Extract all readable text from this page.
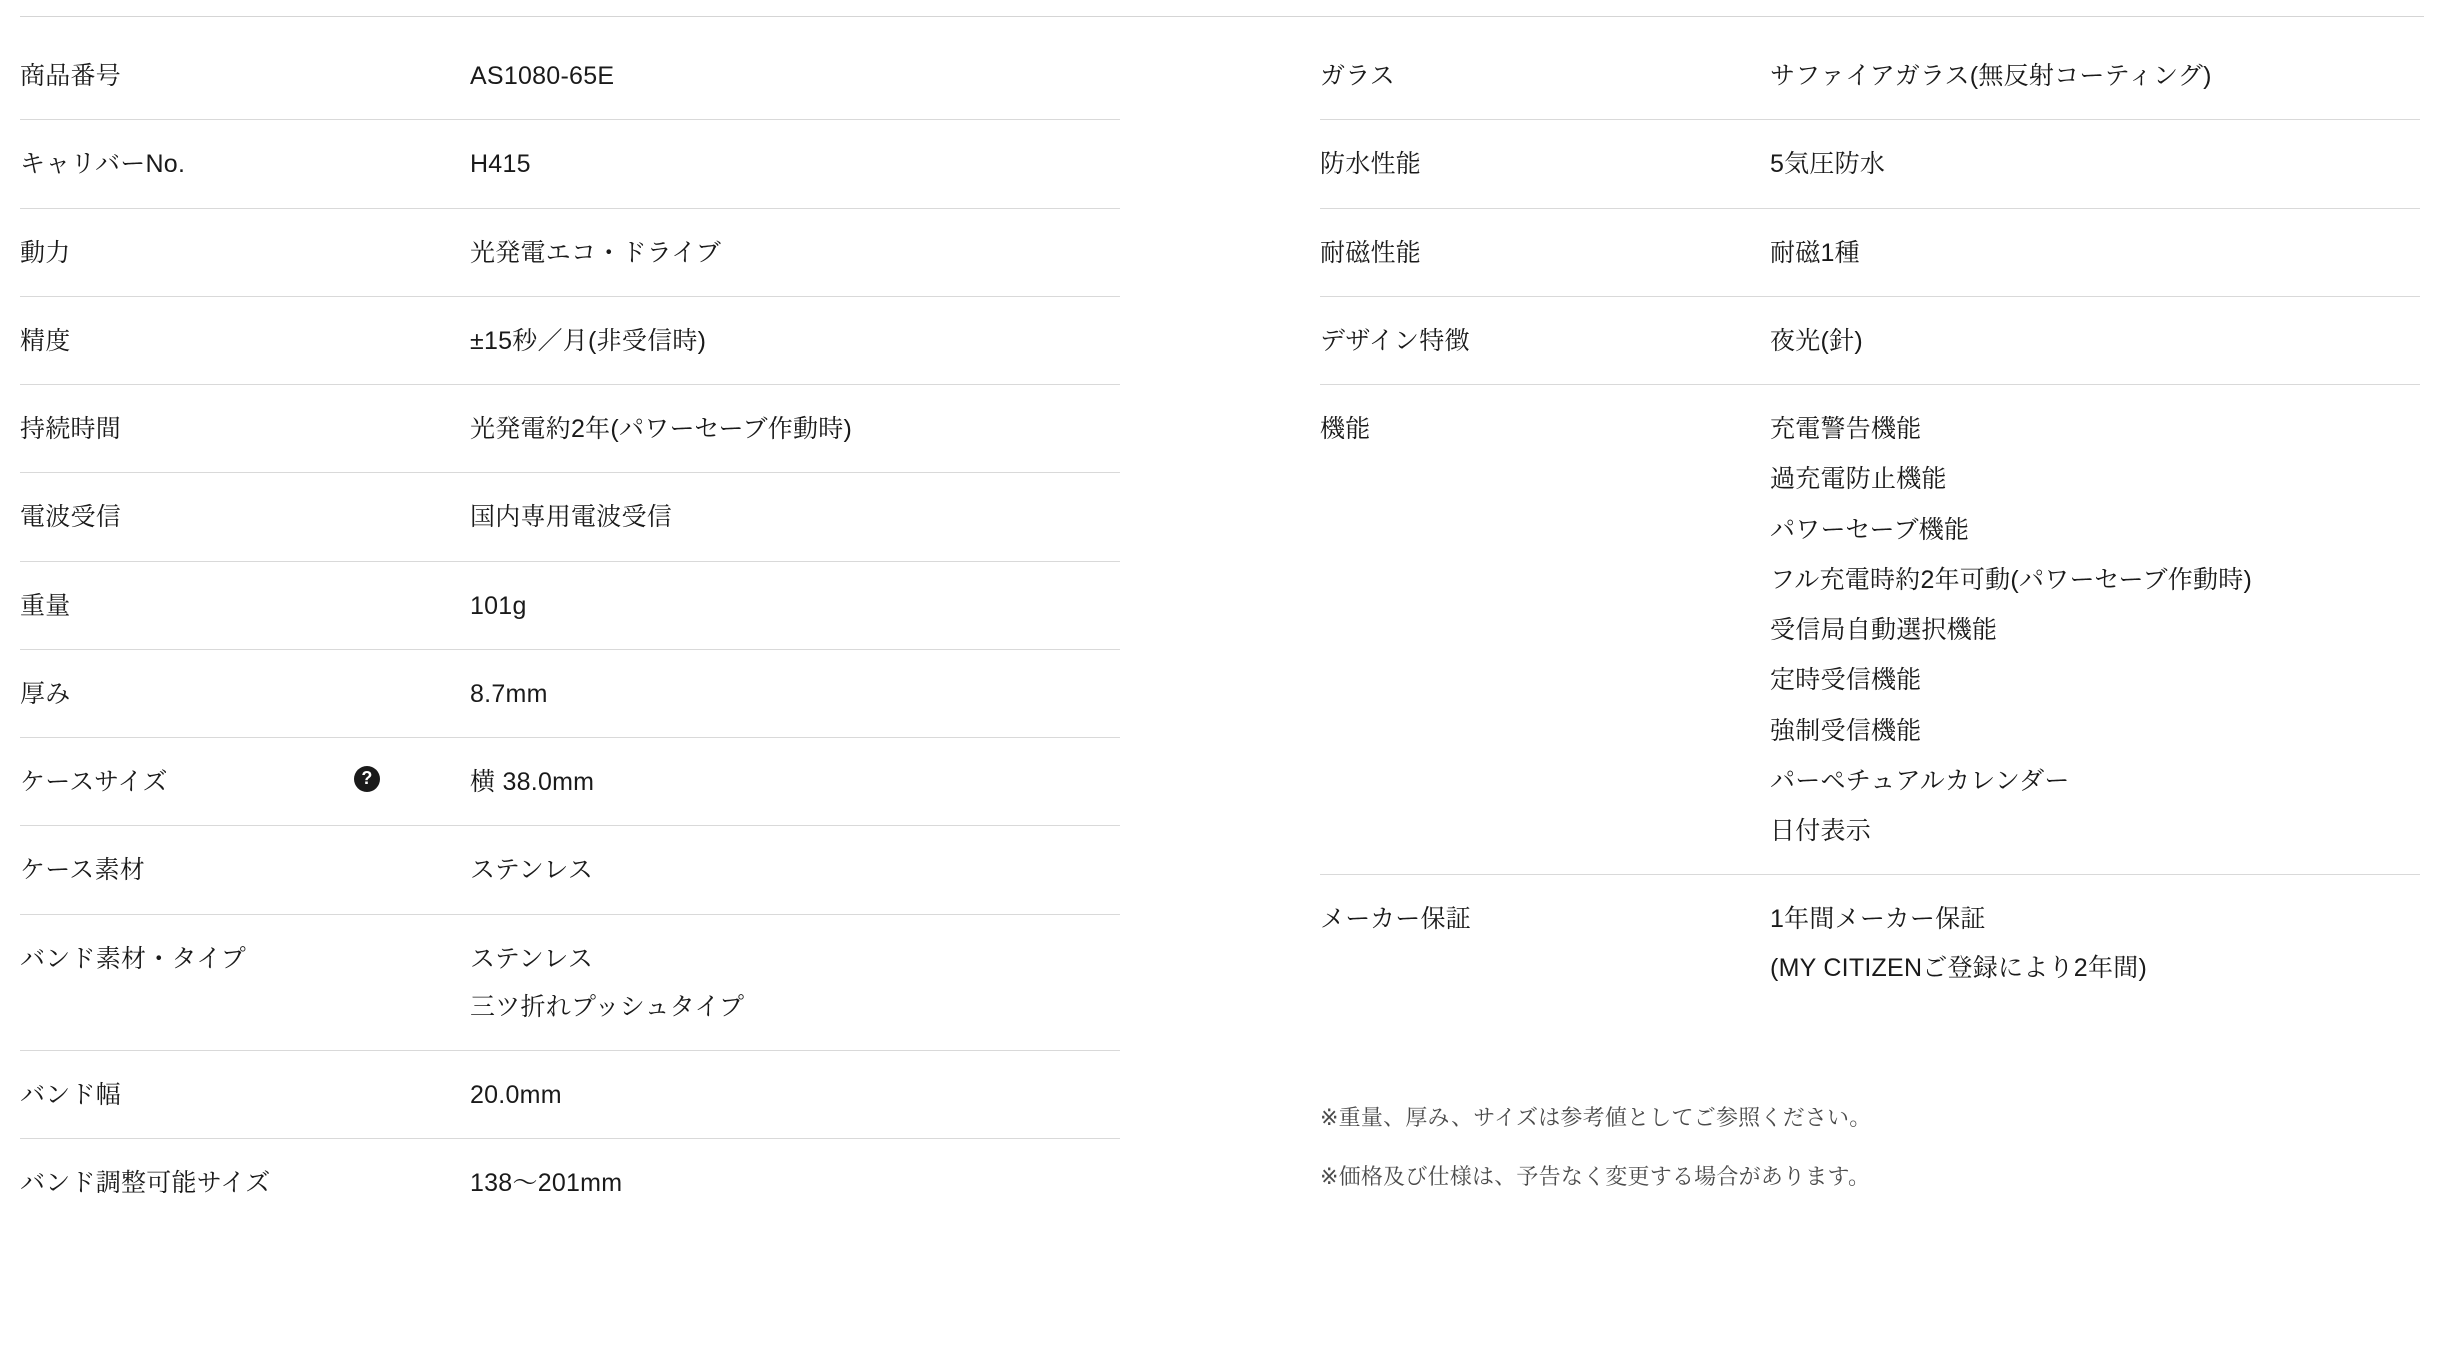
商品番号	AS1080-65E
キャリバーNo.	H415
動力	光発電エコ・ドライブ
精度	±15秒／月(非受信時)
持続時間	光発電約2年(パワーセーブ作動時)
電波受信	国内専用電波受信
重量	101g
厚み	8.7mm
ケースサイズ	?	横 38.0mm
ケース素材	ステンレス
バンド素材・タイプ	ステンレス
三ツ折れプッシュタイプ
バンド幅	20.0mm
バンド調整可能サイズ	138〜201mm
ガラス	サファイアガラス(無反射コーティング)
防水性能	5気圧防水
耐磁性能	耐磁1種
デザイン特徴	夜光(針)
機能	充電警告機能
過充電防止機能
パワーセーブ機能
フル充電時約2年可動(パワーセーブ作動時)
受信局自動選択機能
定時受信機能
強制受信機能
パーペチュアルカレンダー
日付表示
メーカー保証	1年間メーカー保証
(MY CITIZENご登録により2年間)
※重量、厚み、サイズは参考値としてご参照ください。
※価格及び仕様は、予告なく変更する場合があります。
